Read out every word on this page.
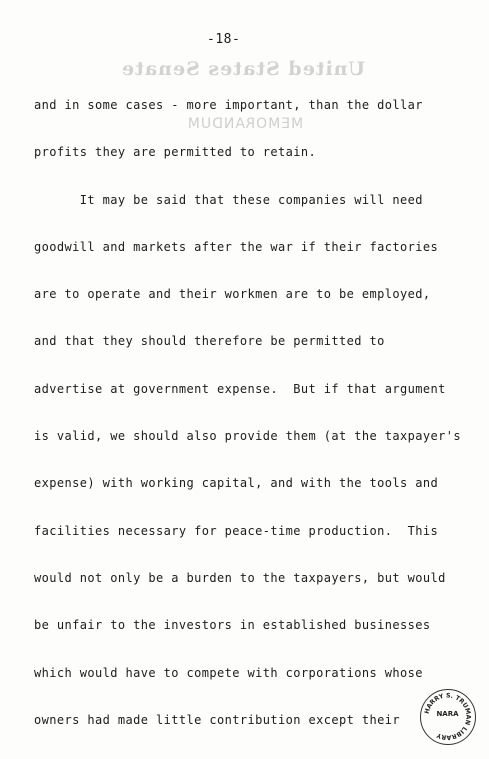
-18-
United States Senate
MEMORANDUM
and in some cases - more important, than the dollar
profits they are permitted to retain.
It may be said that these companies will need
goodwill and markets after the war if their factories
are to operate and their workmen are to be employed,
and that they should therefore be permitted to
advertise at government expense.  But if that argument
is valid, we should also provide them (at the taxpayer's
expense) with working capital, and with the tools and
facilities necessary for peace-time production.  This
would not only be a burden to the taxpayers, but would
be unfair to the investors in established businesses
which would have to compete with corporations whose
owners had made little contribution except their
HARRY S. TRUMAN LIBRARY
NARA
